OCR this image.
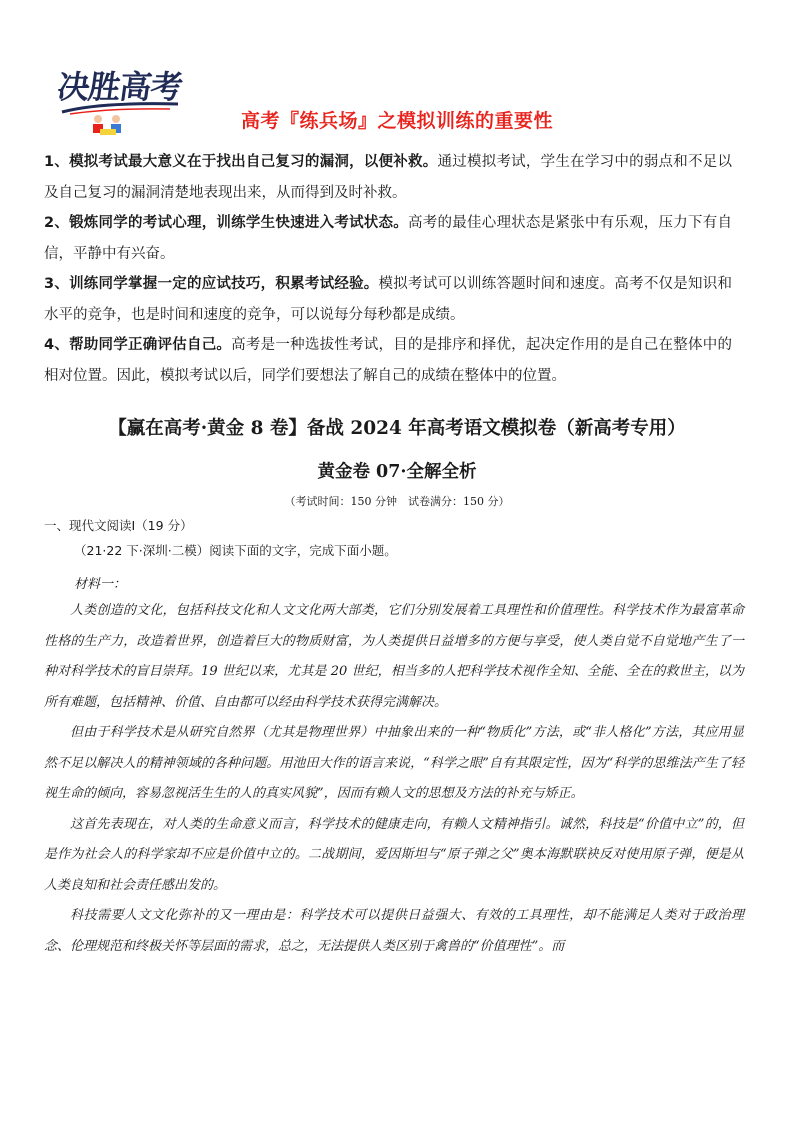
决胜高考
高考『练兵场』之模拟训练的重要性

1、模拟考试最大意义在于找出自己复习的漏洞，以便补救。通过模拟考试，学生在学习中的弱点和不足以及自己复习的漏洞清楚地表现出来，从而得到及时补救。

2、锻炼同学的考试心理，训练学生快速进入考试状态。高考的最佳心理状态是紧张中有乐观，压力下有自信，平静中有兴奋。

3、训练同学掌握一定的应试技巧，积累考试经验。模拟考试可以训练答题时间和速度。高考不仅是知识和水平的竞争，也是时间和速度的竞争，可以说每分每秒都是成绩。

4、帮助同学正确评估自己。高考是一种选拔性考试，目的是排序和择优，起决定作用的是自己在整体中的相对位置。因此，模拟考试以后，同学们要想法了解自己的成绩在整体中的位置。

【赢在高考·黄金 8 卷】备战 2024 年高考语文模拟卷（新高考专用）
黄金卷 07·全解全析
（考试时间：150 分钟　试卷满分：150 分）
一、现代文阅读Ⅰ（19 分）
（21·22 下·深圳·二模）阅读下面的文字，完成下面小题。
材料一：

人类创造的文化，包括科技文化和人文文化两大部类，它们分别发展着工具理性和价值理性。科学技术作为最富革命性格的生产力，改造着世界，创造着巨大的物质财富，为人类提供日益增多的方便与享受，使人类自觉不自觉地产生了一种对科学技术的盲目崇拜。19 世纪以来，尤其是 20 世纪，相当多的人把科学技术视作全知、全能、全在的救世主，以为所有难题，包括精神、价值、自由都可以经由科学技术获得完满解决。

但由于科学技术是从研究自然界（尤其是物理世界）中抽象出来的一种“物质化”方法，或“非人格化”方法，其应用显然不足以解决人的精神领域的各种问题。用池田大作的语言来说，“科学之眼”自有其限定性，因为“科学的思维法产生了轻视生命的倾向，容易忽视活生生的人的真实风貌”，因而有赖人文的思想及方法的补充与矫正。

这首先表现在，对人类的生命意义而言，科学技术的健康走向，有赖人文精神指引。诚然，科技是“价值中立”的，但是作为社会人的科学家却不应是价值中立的。二战期间，爱因斯坦与“原子弹之父”奥本海默联袂反对使用原子弹，便是从人类良知和社会责任感出发的。

科技需要人文文化弥补的又一理由是：科学技术可以提供日益强大、有效的工具理性，却不能满足人类对于政治理念、伦理规范和终极关怀等层面的需求，总之，无法提供人类区别于禽兽的“价值理性”。而
